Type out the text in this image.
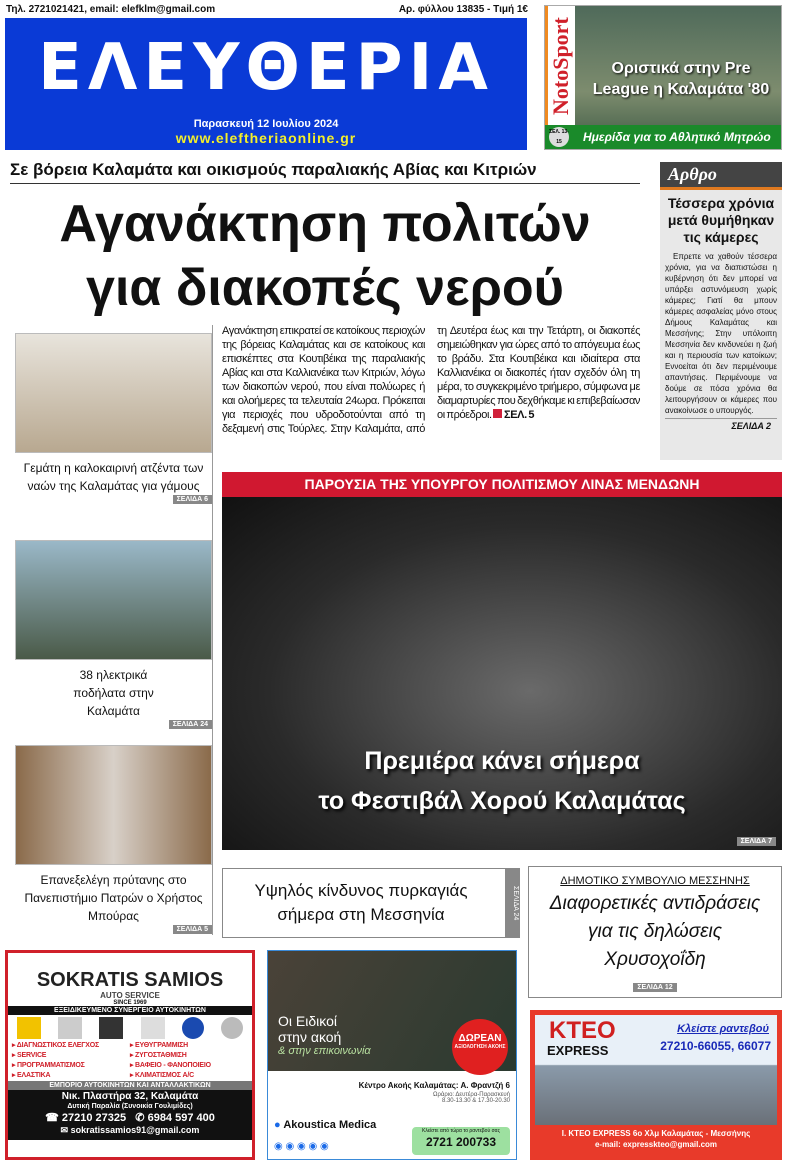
Τηλ. 2721021421, email: elefklm@gmail.com	Αρ. φύλλου 13835 - Τιμή 1€
ΕΛΕΥΘΕΡΙΑ
Παρασκευή 12 Ιουλίου 2024
www.eleftheriaonline.gr
NotoSport	Οριστικά στην Pre League η Καλαμάτα '80
ΣΕΛ. 13-15	Ημερίδα για το Αθλητικό Μητρώο
Σε βόρεια Καλαμάτα και οικισμούς παραλιακής Αβίας και Κιτριών
Αγανάκτηση πολιτών
για διακοπές νερού
Αρθρο
Τέσσερα χρόνια μετά θυμήθηκαν τις κάμερες

Επρεπε να χαθούν τέσσερα χρόνια, για να διαπιστώσει η κυβέρνηση ότι δεν μπορεί να υπάρξει αστυνόμευση χωρίς κάμερες; Γιατί θα μπουν κάμερες ασφαλείας μόνο στους Δήμους Καλαμάτας και Μεσσήνης; Στην υπόλοιπη Μεσσηνία δεν κινδυνεύει η ζωή και η περιουσία των κατοίκων; Εννοείται ότι δεν περιμένουμε απαντήσεις. Περιμένουμε να δούμε σε πόσα χρόνια θα λειτουργήσουν οι κάμερες που ανακοίνωσε ο υπουργός.

ΣΕΛΙΔΑ 2
Αγανάκτηση επικρατεί σε κατοίκους περιοχών της βόρειας Καλαμάτας και σε κατοίκους και επισκέπτες στα Κουτιβέικα της παραλιακής Αβίας και στα Καλλιανέικα των Κιτριών, λόγω των διακοπών νερού, που είναι πολύωρες ή και ολοήμερες τα τελευταία 24ωρα. Πρόκειται για περιοχές που υδροδοτούνται από τη δεξαμενή στις Τούρλες. Στην Καλαμάτα, από τη Δευτέρα έως και την Τετάρτη, οι διακοπές σημειώθηκαν για ώρες από το απόγευμα έως το βράδυ. Στα Κουτιβέικα και ιδιαίτερα στα Καλλιανέικα οι διακοπές ήταν σχεδόν όλη τη μέρα, το συγκεκριμένο τριήμερο, σύμφωνα με διαμαρτυρίες που δεχθήκαμε κι επιβεβαίωσαν οι πρόεδροι. ΣΕΛ. 5
Γεμάτη η καλοκαιρινή ατζέντα των ναών της Καλαμάτας για γάμους
ΣΕΛΙΔΑ 6
38 ηλεκτρικά ποδήλατα στην Καλαμάτα
ΣΕΛΙΔΑ 24
Επανεξελέγη πρύτανης στο Πανεπιστήμιο Πατρών ο Χρήστος Μπούρας
ΣΕΛΙΔΑ 5
ΠΑΡΟΥΣΙΑ ΤΗΣ ΥΠΟΥΡΓΟΥ ΠΟΛΙΤΙΣΜΟΥ ΛΙΝΑΣ ΜΕΝΔΩΝΗ
Πρεμιέρα κάνει σήμερα
το Φεστιβάλ Χορού Καλαμάτας
ΣΕΛΙΔΑ 7
Υψηλός κίνδυνος πυρκαγιάς σήμερα στη Μεσσηνία	ΣΕΛΙΔΑ 24
ΔΗΜΟΤΙΚΟ ΣΥΜΒΟΥΛΙΟ ΜΕΣΣΗΝΗΣ
Διαφορετικές αντιδράσεις για τις δηλώσεις Χρυσοχοΐδη
ΣΕΛΙΔΑ 12
SOKRATIS SAMIOS
AUTO SERVICE
SINCE 1969
ΕΞΕΙΔΙΚΕΥΜΕΝΟ ΣΥΝΕΡΓΕΙΟ ΑΥΤΟΚΙΝΗΤΩΝ
▸ ΔΙΑΓΝΩΣΤΙΚΟΣ ΕΛΕΓΧΟΣ	▸ ΕΥΘΥΓΡΑΜΜΙΣΗ
▸ SERVICE	▸ ΖΥΓΟΣΤΑΘΜΙΣΗ
▸ ΠΡΟΓΡΑΜΜΑΤΙΣΜΟΣ	▸ ΒΑΦΕΙΟ - ΦΑΝΟΠΟΙΕΙΟ
▸ ΕΛΑΣΤΙΚΑ	▸ ΚΛΙΜΑΤΙΣΜΟΣ A/C
ΕΜΠΟΡΙΟ ΑΥΤΟΚΙΝΗΤΩΝ ΚΑΙ ΑΝΤΑΛΛΑΚΤΙΚΩΝ
Νικ. Πλαστήρα 32, Καλαμάτα
Δυτική Παραλία (Συνοικία Γουλιμίδες)
☎ 27210 27325   ✆ 6984 597 400
✉ sokratissamios91@gmail.com
Οι Ειδικοί στην ακοή
& στην επικοινωνία
ΔΩΡΕΑΝ
ΑΞΙΟΛΟΓΗΣΗ ΑΚΟΗΣ
Κέντρο Ακοής Καλαμάτας: Α. Φραντζή 6
Ωράριο: Δευτέρα-Παρασκευή
8.30-13.30 & 17.30-20.30
● Akoustica Medica
◉ ◉ ◉ ◉ ◉
Κλείστε από τώρα το ραντεβού σας
2721 200733
KTEO
EXPRESS
Κλείστε ραντεβού
27210-66055, 66077
I. KTEO EXPRESS 6ο Χλμ Καλαμάτας - Μεσσήνης
e-mail: expresskteo@gmail.com
